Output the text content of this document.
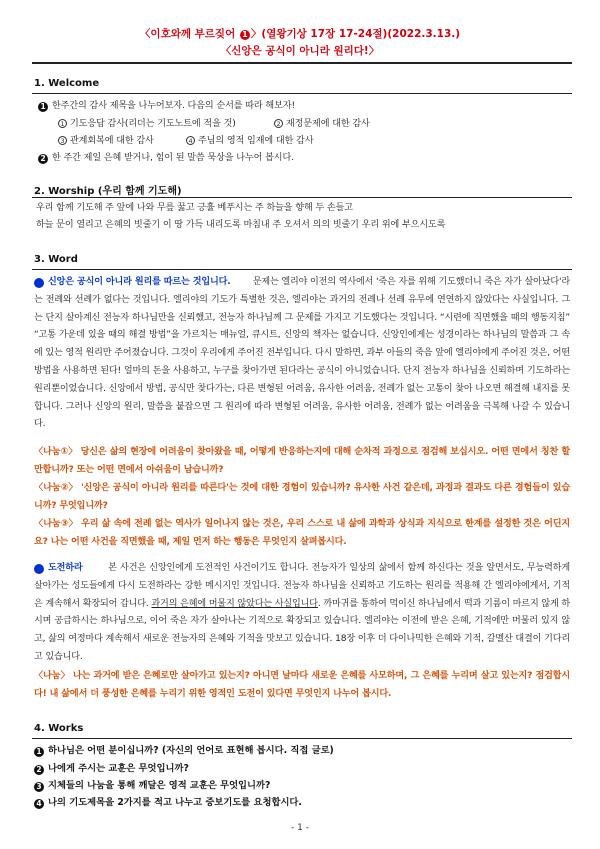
〈이호와께 부르짖어 1 〉(열왕기상 17장 17-24절)(2022.3.13.)
〈신앙은 공식이 아니라 원리다!〉
1. Welcome
1 한주간의 감사 제목을 나누어보자. 다음의 순서를 따라 해보자!
1 기도응답 감사(리더는 기도노트에 적을 것)	2 재정문제에 대한 감사
3 관계회복에 대한 감사	4 주님의 영적 임재에 대한 감사
2 한 주간 제일 은혜 받거나, 힘이 된 말씀 묵상을 나누어 봅시다.
2. Worship (우리 함께 기도해)
우리 함께 기도해 주 앞에 나와 무릎 꿇고 긍휼 베푸시는 주 하늘을 향해 두 손들고
하늘 문이 열리고 은혜의 빗줄기 이 땅 가득 내리도록 마침내 주 오셔서 의의 빗줄기 우리 위에 부으시도록
3. Word
1 신앙은 공식이 아니라 원리를 따르는 것입니다. 문제는 엘리야 이전의 역사에서 '죽은 자를 위해 기도했더니 죽은 자가 살아났다'라는 전례와 선례가 없다는 것입니다. 엘리야의 기도가 특별한 것은, 엘리야는 과거의 전례나 선례 유무에 연연하지 않았다는 사실입니다. 그는 단지 살아계신 전능자 하나님만을 신뢰했고, 전능자 하나님께 그 문제를 가지고 기도했다는 것입니다. “시련에 직면했을 때의 행동지침” “고통 가운데 있을 때의 해결 방법”을 가르치는 매뉴얼, 큐시트, 신앙의 책자는 없습니다. 신앙인에게는 성경이라는 하나님의 말씀과 그 속에 있는 영적 원리만 주어졌습니다. 그것이 우리에게 주어진 전부입니다. 다시 말하면, 과부 아들의 죽음 앞에 엘리야에게 주어진 것은, 어떤 방법을 사용하면 된다! 얼마의 돈을 사용하고, 누구를 찾아가면 된다라는 공식이 아니었습니다. 단지 전능자 하나님을 신뢰하며 기도하라는 원리뿐이었습니다. 신앙에서 방법, 공식만 찾다가는, 다른 변형된 어려움, 유사한 어려움, 전례가 없는 고통이 찾아 나오면 해결해 내지를 못합니다. 그러나 신앙의 원리, 말씀을 붙잡으면 그 원리에 따라 변형된 어려움, 유사한 어려움, 전례가 없는 어려움을 극복해 나갈 수 있습니다.
〈나눔①〉 당신은 삶의 현장에 어려움이 찾아왔을 때, 어떻게 반응하는지에 대해 순차적 과정으로 점검해 보십시오. 어떤 면에서 칭찬 할 만합니까? 또는 어떤 면에서 아쉬움이 남습니까?
〈나눔②〉 '신앙은 공식이 아니라 원리를 따른다'는 것에 대한 경험이 있습니까? 유사한 사건 같은데, 과정과 결과도 다른 경험들이 있습니까? 무엇입니까?
〈나눔③〉 우리 삶 속에 전례 없는 역사가 일어나지 않는 것은, 우리 스스로 내 삶에 과학과 상식과 지식으로 한계를 설정한 것은 어딘지요? 나는 어떤 사건을 직면했을 때, 제일 먼저 하는 행동은 무엇인지 살펴봅시다.
2 도전하라	본 사건은 신앙인에게 도전적인 사건이기도 합니다. 전능자가 일상의 삶에서 함께 하신다는 것을 알면서도, 무능력하게 살아가는 성도들에게 다시 도전하라는 강한 메시지인 것입니다. 전능자 하나님을 신뢰하고 기도하는 원리를 적용해 간 엘리야에게서, 기적은 계속해서 확장되어 갑니다. 과거의 은혜에 머물지 않았다는 사실입니다. 까마귀를 통하여 먹이신 하나님에서 떡과 기름이 마르지 않게 하시며 공급하시는 하나님으로, 이어 죽은 자가 살아나는 기적으로 확장되고 있습니다. 엘리야는 이전에 받은 은혜, 기적에만 머물러 있지 않고, 삶의 여정마다 계속해서 새로운 전능자의 은혜와 기적을 맛보고 있습니다. 18장 이후 더 다이나믹한 은혜와 기적, 갈멜산 대결이 기다리고 있습니다.
〈나눔〉 나는 과거에 받은 은혜로만 살아가고 있는지? 아니면 날마다 새로운 은혜를 사모하며, 그 은혜를 누리며 살고 있는지? 점검합시다! 내 삶에서 더 풍성한 은혜를 누리기 위한 영적인 도전이 있다면 무엇인지 나누어 봅시다.
4. Works
1 하나님은 어떤 분이십니까? (자신의 언어로 표현해 봅시다. 직접 글로)
2 나에게 주시는 교훈은 무엇입니까?
3 지체들의 나눔을 통해 깨달은 영적 교훈은 무엇입니까?
4 나의 기도제목을 2가지를 적고 나누고 중보기도를 요청합시다.
- 1 -
